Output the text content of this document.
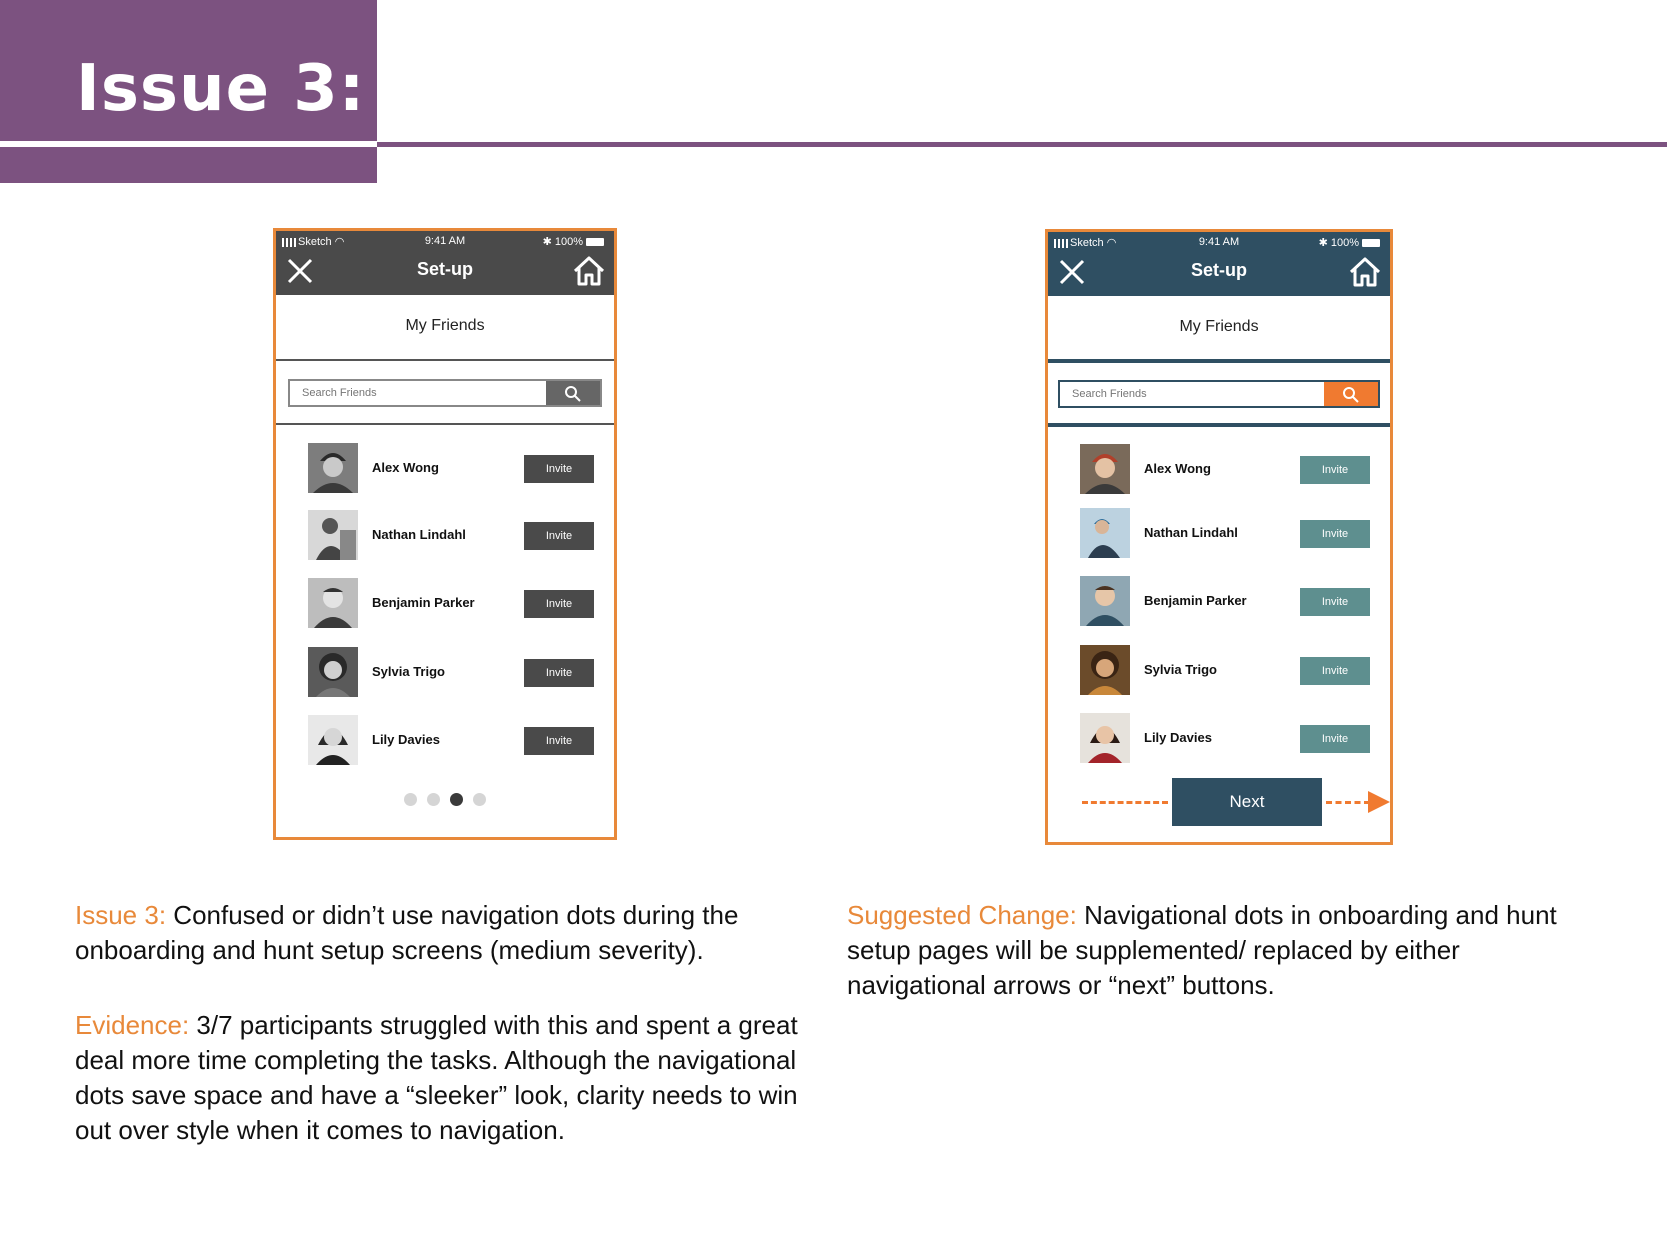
Issue 3:
Sketch ◠	9:41 AM	✱ 100%
Set-up
My Friends
Search Friends
Alex Wong	Invite
Nathan Lindahl	Invite
Benjamin Parker	Invite
Sylvia Trigo	Invite
Lily Davies	Invite
Sketch ◠	9:41 AM	✱ 100%
Set-up
My Friends
Search Friends
Alex Wong	Invite
Nathan Lindahl	Invite
Benjamin Parker	Invite
Sylvia Trigo	Invite
Lily Davies	Invite
Next
Issue 3: Confused or didn’t use navigation dots during the onboarding and hunt setup screens (medium severity).
Evidence: 3/7 participants struggled with this and spent a great deal more time completing the tasks. Although the navigational dots save space and have a “sleeker” look, clarity needs to win out over style when it comes to navigation.
Suggested Change: Navigational dots in onboarding and hunt setup pages will be supplemented/ replaced by either navigational arrows or “next” buttons.
